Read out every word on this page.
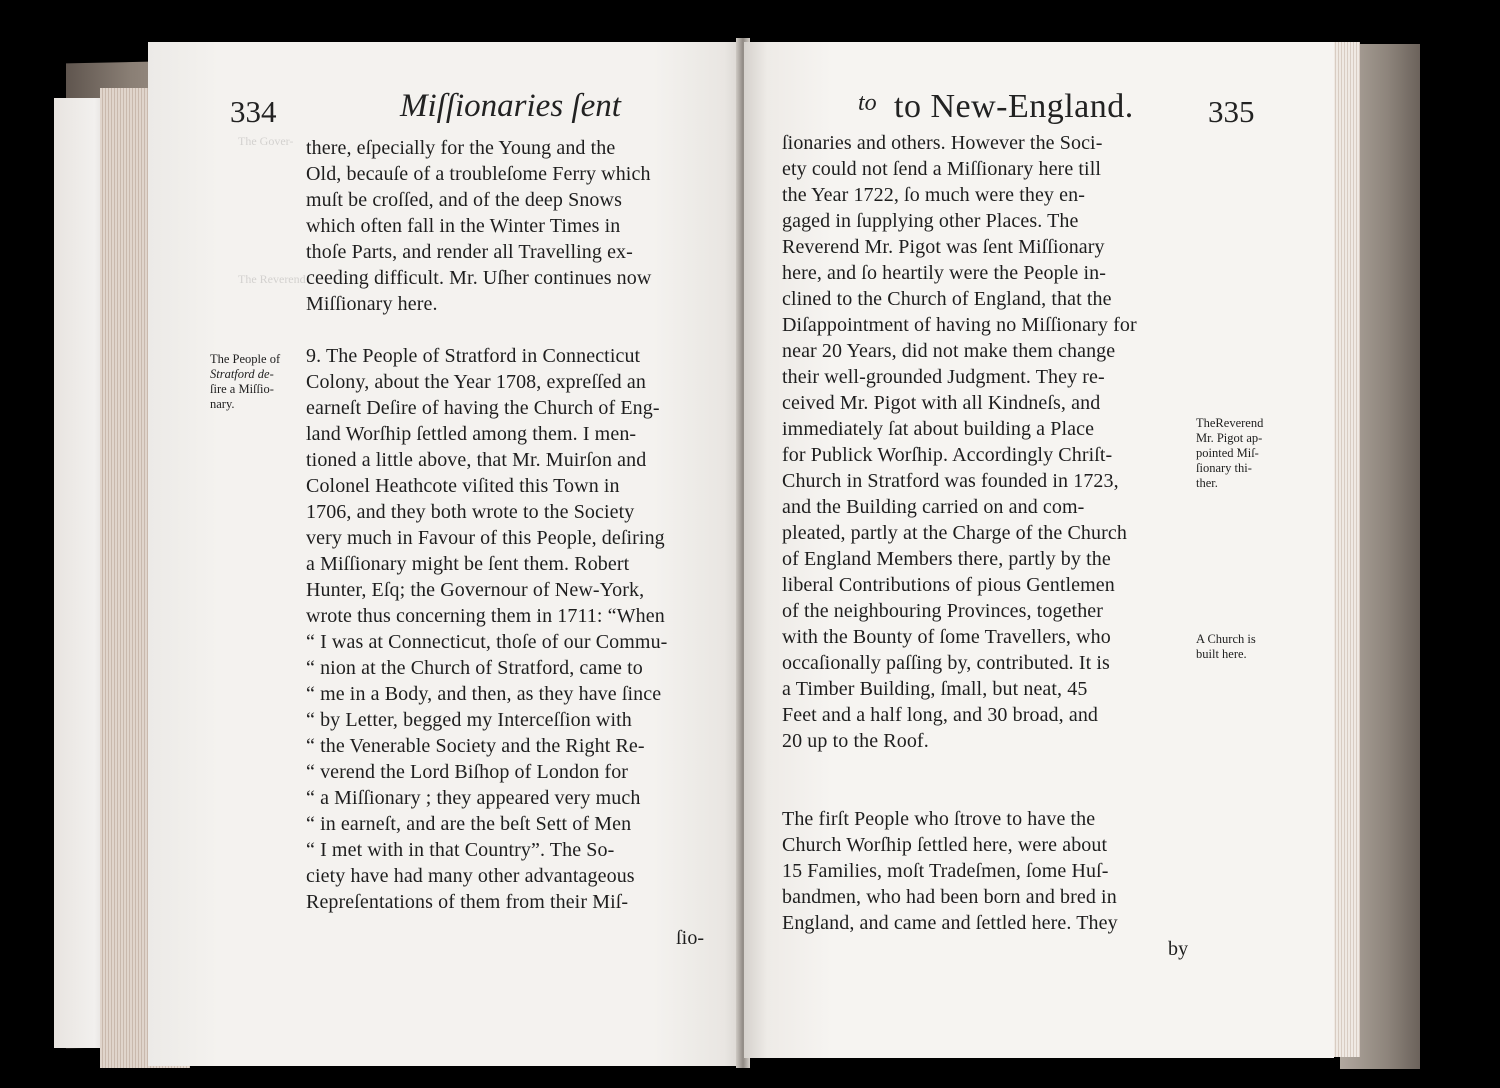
The Gover-
The Reverend
334	Miſſionaries ſent
The People of
Stratford de-
ſire a Miſſio-
nary.
there, eſpecially for the Young and the
Old, becauſe of a troubleſome Ferry which
muſt be croſſed, and of the deep Snows
which often fall in the Winter Times in
thoſe Parts, and render all Travelling ex-
ceeding difficult. Mr. Uſher continues now
Miſſionary here.
9. The People of Stratford in Connecticut
Colony, about the Year 1708, expreſſed an
earneſt Deſire of having the Church of Eng-
land Worſhip ſettled among them. I men-
tioned a little above, that Mr. Muirſon and
Colonel Heathcote viſited this Town in
1706, and they both wrote to the Society
very much in Favour of this People, deſiring
a Miſſionary might be ſent them. Robert
Hunter, Eſq; the Governour of New-York,
wrote thus concerning them in 1711: “When
“ I was at Connecticut, thoſe of our Commu-
“ nion at the Church of Stratford, came to
“ me in a Body, and then, as they have ſince
“ by Letter, begged my Interceſſion with
“ the Venerable Society and the Right Re-
“ verend the Lord Biſhop of London for
“ a Miſſionary ; they appeared very much
“ in earneſt, and are the beſt Sett of Men
“ I met with in that Country”. The So-
ciety have had many other advantageous
Repreſentations of them from their Miſ-
ſio-
to to New-England. 335
ſionaries and others. However the Soci-
ety could not ſend a Miſſionary here till
the Year 1722, ſo much were they en-
gaged in ſupplying other Places. The
Reverend Mr. Pigot was ſent Miſſionary
here, and ſo heartily were the People in-
clined to the Church of England, that the
Diſappointment of having no Miſſionary for
near 20 Years, did not make them change
their well-grounded Judgment. They re-
ceived Mr. Pigot with all Kindneſs, and
immediately ſat about building a Place
for Publick Worſhip. Accordingly Chriſt-
Church in Stratford was founded in 1723,
and the Building carried on and com-
pleated, partly at the Charge of the Church
of England Members there, partly by the
liberal Contributions of pious Gentlemen
of the neighbouring Provinces, together
with the Bounty of ſome Travellers, who
occaſionally paſſing by, contributed. It is
a Timber Building, ſmall, but neat, 45
Feet and a half long, and 30 broad, and
20 up to the Roof.
The firſt People who ſtrove to have the
Church Worſhip ſettled here, were about
15 Families, moſt Tradeſmen, ſome Huſ-
bandmen, who had been born and bred in
England, and came and ſettled here. They
by
TheReverend
Mr. Pigot ap-
pointed Miſ-
ſionary thi-
ther.
A Church is
built here.
